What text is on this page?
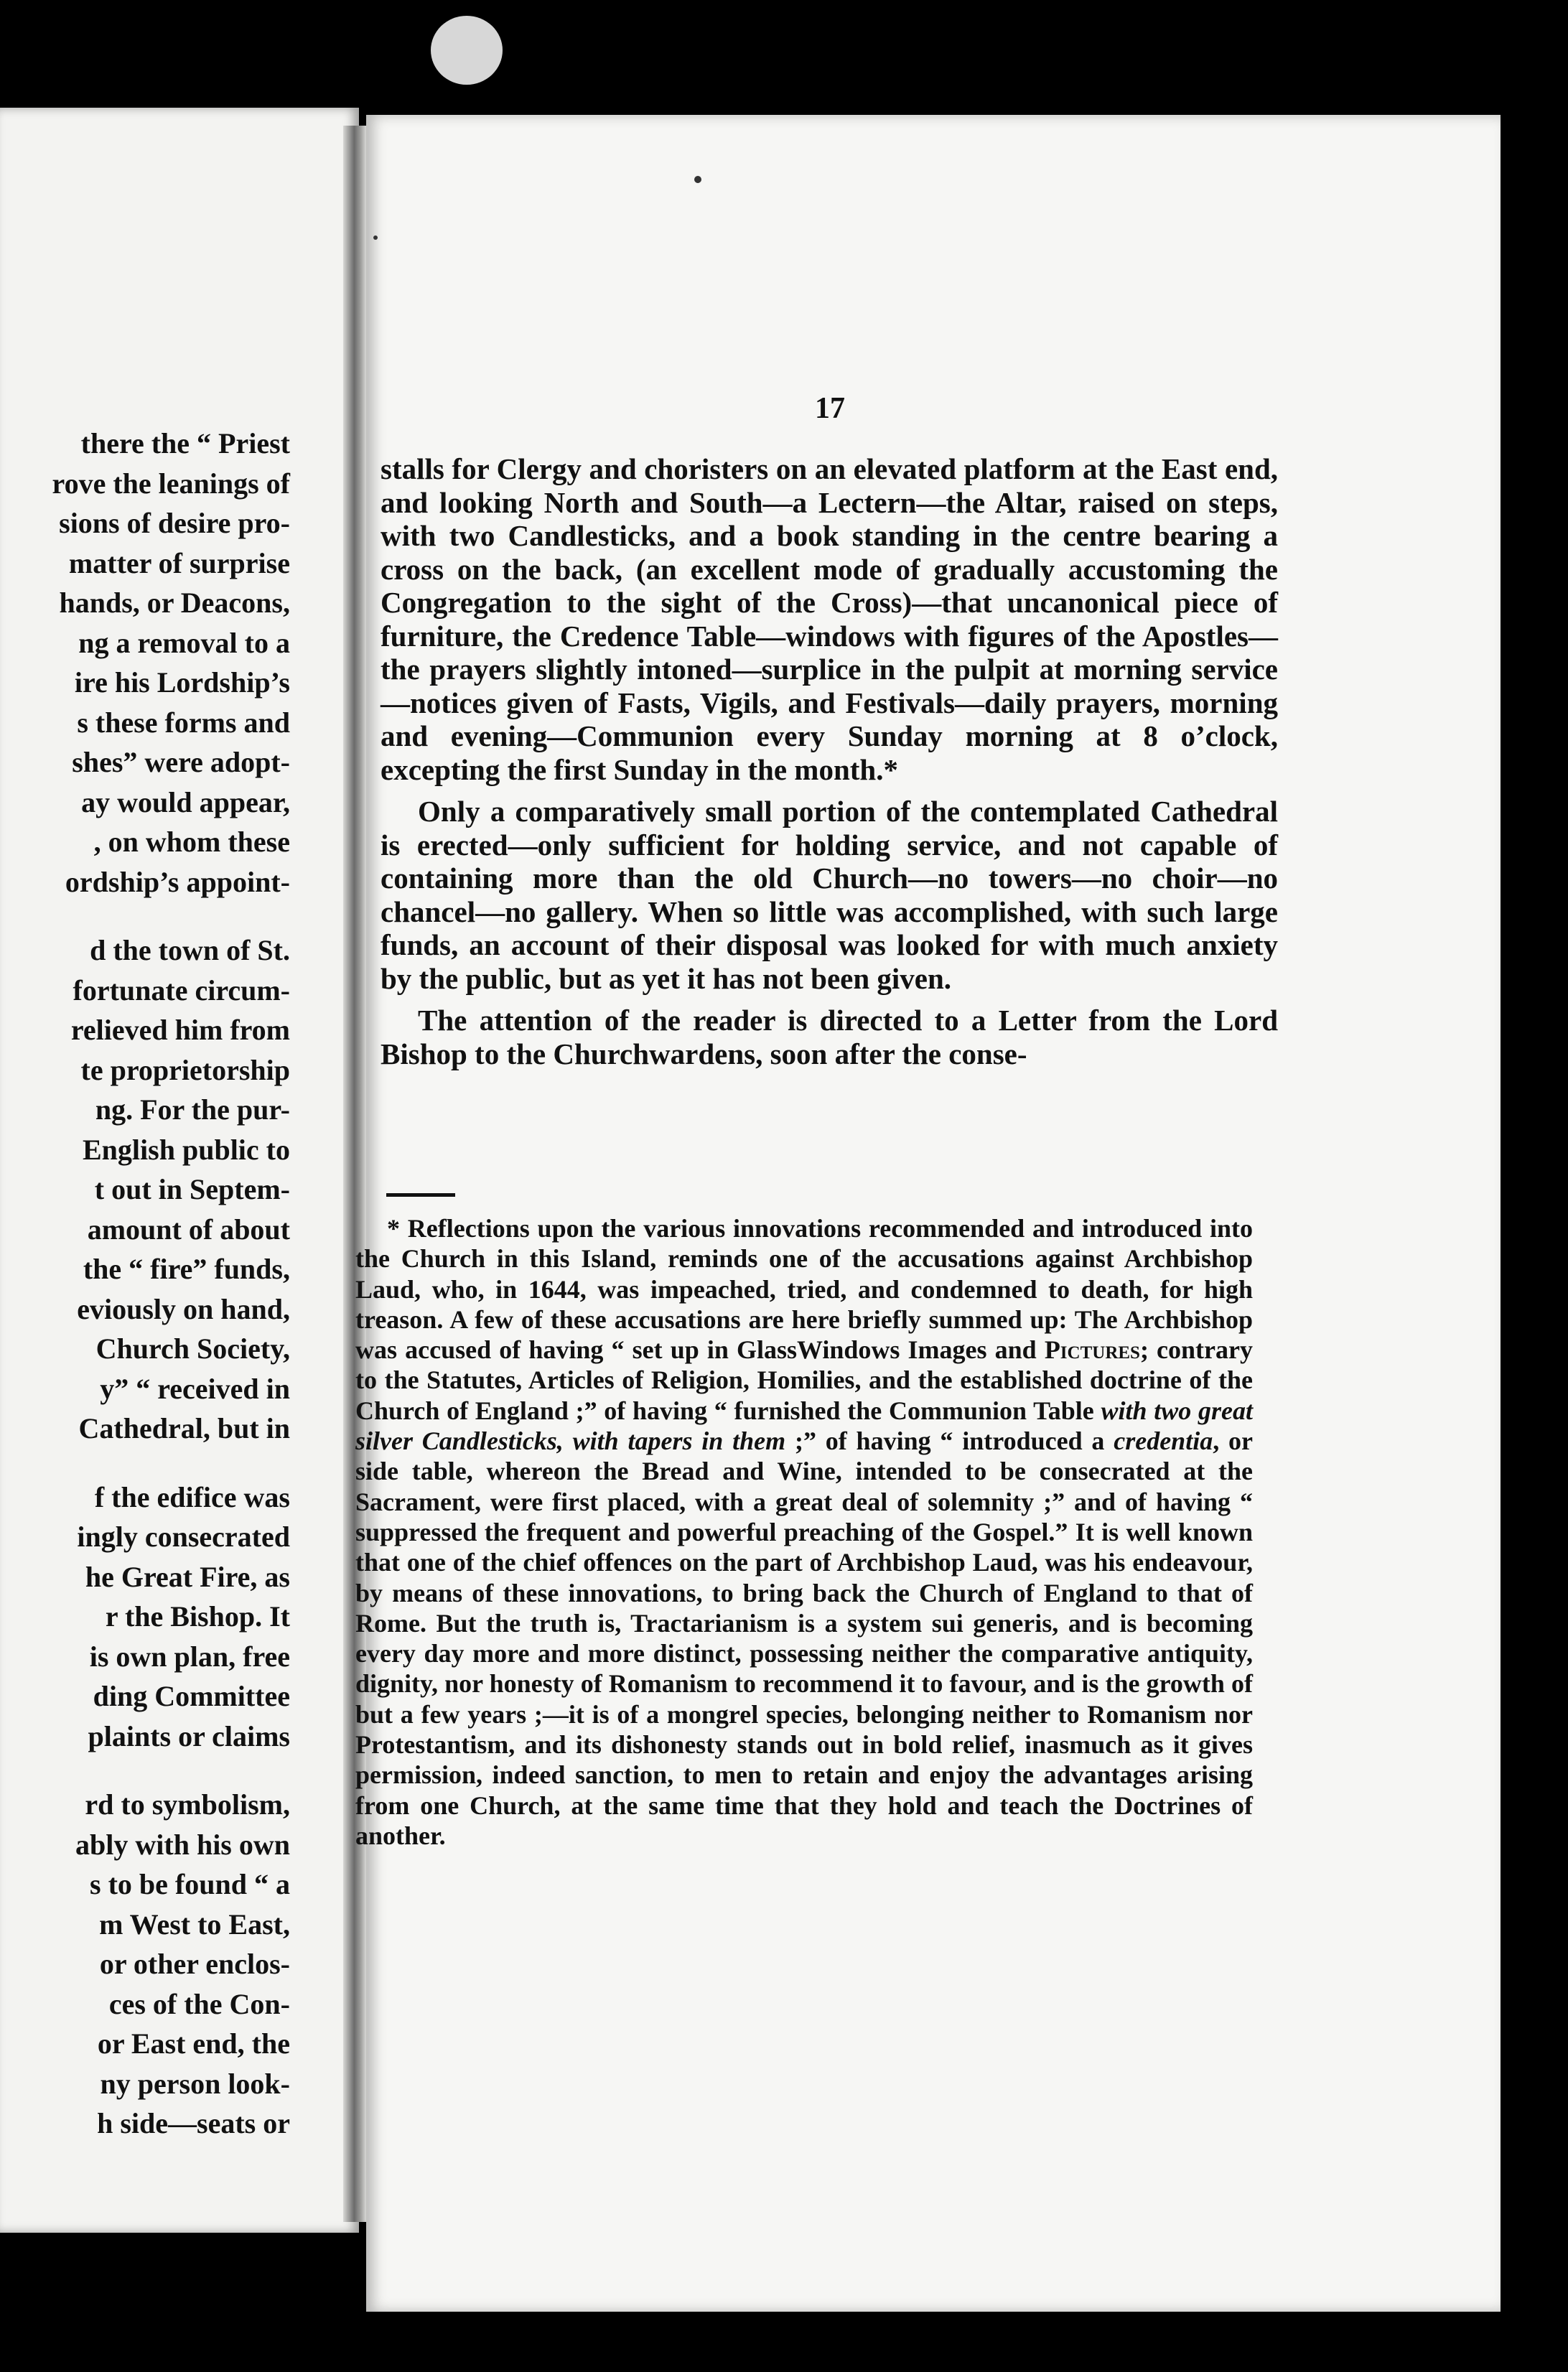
there the “ Priest
rove the leanings of
sions of desire pro-
matter of surprise
hands, or Deacons,
ng a removal to a
ire his Lordship’s
s these forms and
shes” were adopt-
ay would appear,
, on whom these
ordship’s appoint-
d the town of St.
fortunate circum-
relieved him from
te proprietorship
ng. For the pur-
English public to
t out in Septem-
amount of about
the “ fire” funds,
eviously on hand,
Church Society,
y” “ received in
Cathedral, but in
f the edifice was
ingly consecrated
he Great Fire, as
r the Bishop. It
is own plan, free
ding Committee
plaints or claims
rd to symbolism,
ably with his own
s to be found “ a
m West to East,
or other enclos-
ces of the Con-
or East end, the
ny person look-
h side—seats or
17

stalls for Clergy and choristers on an elevated platform at the East end, and looking North and South—a Lectern—the Altar, raised on steps, with two Candlesticks, and a book standing in the centre bearing a cross on the back, (an excellent mode of gradually accustoming the Congregation to the sight of the Cross)—that uncanonical piece of furniture, the Credence Table—windows with figures of the Apostles—the prayers slightly intoned—surplice in the pulpit at morning service—notices given of Fasts, Vigils, and Festivals—daily prayers, morning and evening—Communion every Sunday morning at 8 o’clock, excepting the first Sunday in the month.*

Only a comparatively small portion of the contemplated Cathedral is erected—only sufficient for holding service, and not capable of containing more than the old Church—no towers—no choir—no chancel—no gallery. When so little was accomplished, with such large funds, an account of their disposal was looked for with much anxiety by the public, but as yet it has not been given.

The attention of the reader is directed to a Letter from the Lord Bishop to the Churchwardens, soon after the conse-

* Reflections upon the various innovations recommended and introduced into the Church in this Island, reminds one of the accusations against Archbishop Laud, who, in 1644, was impeached, tried, and condemned to death, for high treason. A few of these accusations are here briefly summed up: The Archbishop was accused of having “ set up in GlassWindows Images and Pictures; contrary to the Statutes, Articles of Religion, Homilies, and the established doctrine of the Church of England ;” of having “ furnished the Communion Table with two great silver Candlesticks, with tapers in them ;” of having “ introduced a credentia, or side table, whereon the Bread and Wine, intended to be consecrated at the Sacrament, were first placed, with a great deal of solemnity ;” and of having “ suppressed the frequent and powerful preaching of the Gospel.” It is well known that one of the chief offences on the part of Archbishop Laud, was his endeavour, by means of these innovations, to bring back the Church of England to that of Rome. But the truth is, Tractarianism is a system sui generis, and is becoming every day more and more distinct, possessing neither the comparative antiquity, dignity, nor honesty of Romanism to recommend it to favour, and is the growth of but a few years ;—it is of a mongrel species, belonging neither to Romanism nor Protestantism, and its dishonesty stands out in bold relief, inasmuch as it gives permission, indeed sanction, to men to retain and enjoy the advantages arising from one Church, at the same time that they hold and teach the Doctrines of another.
